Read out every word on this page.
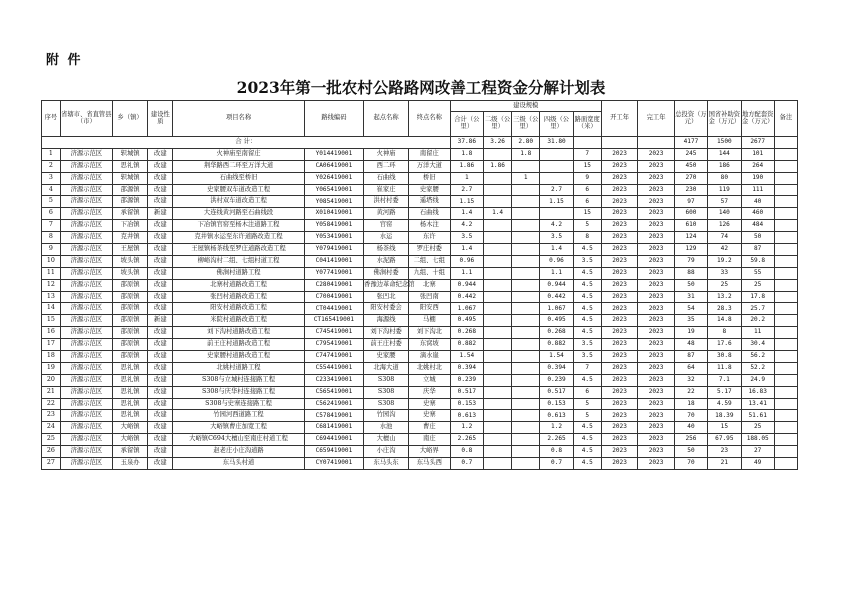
附 件
2023年第一批农村公路路网改善工程资金分解计划表
序号	省辖市、省直管县（市）	乡（镇）	建设性质	项目名称	路线编码	起点名称	终点名称	建设规模					开工年	完工年	总投资（万元）	国省补助资金（万元）	地方配套资金（万元）	备注
								合计（公里）	二级（公里）	三级（公里）	四级（公里）	路面宽度（米）						
合 计：								37.86	3.26	2.80	31.80				4177	1500	2677	
1	济源示范区	轵城镇	改建	火神庙至南留庄	Y014419001	火神庙	南留庄	1.8		1.8		7	2023	2023	245	144	101	
2	济源示范区	思礼镇	改建	荆华路西二环至万洋大道	CA06419001	西二环	万洋大道	1.86	1.86			15	2023	2023	450	186	264	
3	济源示范区	轵城镇	改建	石曲线至桥旧	Y026419001	石曲线	桥旧	1		1		9	2023	2023	270	80	190	
4	济源示范区	邵源镇	改建	史家腰双车道改造工程	Y065419001	崔家庄	史家腰	2.7			2.7	6	2023	2023	230	119	111	
5	济源示范区	邵源镇	改建	洪村双车道改造工程	Y085419001	洪村村委	遥塔线	1.15			1.15	6	2023	2023	97	57	40	
6	济源示范区	承留镇	新建	大连线黄河路至石曲线段	X010419001	黄河路	石曲线	1.4	1.4			15	2023	2023	600	140	460	
7	济源示范区	下冶镇	改建	下冶镇官窑至杨木注道路工程	Y058419001	官窑	杨木注	4.2			4.2	5	2023	2023	610	126	484	
8	济源示范区	克井镇	改建	克井镇水运至东许道路改造工程	Y053419001	水运	东许	3.5			3.5	8	2023	2023	124	74	50	
9	济源示范区	王屋镇	改建	王屋镇杨茶线至罗庄道路改造工程	Y079419001	杨茶线	罗庄村委	1.4			1.4	4.5	2023	2023	129	42	87	
10	济源示范区	坡头镇	改建	柳峪沟村二组、七组村道工程	C041419001	水泥路	二组、七组	0.96			0.96	3.5	2023	2023	79	19.2	59.8	
11	济源示范区	坡头镇	改建	佛涧村道路工程	Y077419001	佛涧村委	九组、十组	1.1			1.1	4.5	2023	2023	88	33	55	
12	济源示范区	邵原镇	改建	北寨村道路改造工程	C280419001	香豫边革命纪念馆	北寨	0.944			0.944	4.5	2023	2023	50	25	25	
13	济源示范区	邵原镇	改建	张凹村道路改造工程	C700419001	张凹北	张凹南	0.442			0.442	4.5	2023	2023	31	13.2	17.8	
14	济源示范区	邵原镇	改建	阳安村道路改造工程	CT04419001	阳安村委会	阳安西	1.067			1.067	4.5	2023	2023	54	28.3	25.7	
15	济源示范区	邵原镇	新建	米院村道路改造工程	CT165419001	海源线	马棚	0.495			0.495	4.5	2023	2023	35	14.8	20.2	
16	济源示范区	邵原镇	改建	刘下沟村道路改造工程	C745419001	刘下沟村委	刘下沟北	0.268			0.268	4.5	2023	2023	19	8	11	
17	济源示范区	邵原镇	改建	前王庄村道路改造工程	C795419001	前王庄村委	东窝坡	0.882			0.882	3.5	2023	2023	48	17.6	30.4	
18	济源示范区	邵原镇	改建	史家腰村道路改造工程	C747419001	史家腰	滴水崖	1.54			1.54	3.5	2023	2023	87	30.8	56.2	
19	济源示范区	思礼镇	改建	北姚村道路工程	C554419001	北海大道	北姚村北	0.394			0.394	7	2023	2023	64	11.8	52.2	
20	济源示范区	思礼镇	改建	S308与立城村连接路工程	C233419001	S308	立城	0.239			0.239	4.5	2023	2023	32	7.1	24.9	
21	济源示范区	思礼镇	改建	S308与庆华村连接路工程	C565419001	S308	庆华	0.517			0.517	6	2023	2023	22	5.17	16.83	
22	济源示范区	思礼镇	改建	S308与史寨连接路工程	C562419001	S308	史寨	0.153			0.153	5	2023	2023	18	4.59	13.41	
23	济源示范区	思礼镇	改建	竹园河西道路工程	C578419001	竹园沟	史寨	0.613			0.613	5	2023	2023	70	18.39	51.61	
24	济源示范区	大峪镇	改建	大峪镇曹庄加宽工程	C681419001	水池	曹庄	1.2			1.2	4.5	2023	2023	40	15	25	
25	济源示范区	大峪镇	改建	大峪镇C694大檀山至南庄村道工程	C694419001	大檀山	南庄	2.265			2.265	4.5	2023	2023	256	67.95	188.05	
26	济源示范区	承留镇	改建	赵老庄小庄沟道路	C659419001	小庄沟	大峪界	0.8			0.8	4.5	2023	2023	50	23	27	
27	济源示范区	玉泉办	改建	东马头村道	CY07419001	东马头东	东马头西	0.7			0.7	4.5	2023	2023	70	21	49	
